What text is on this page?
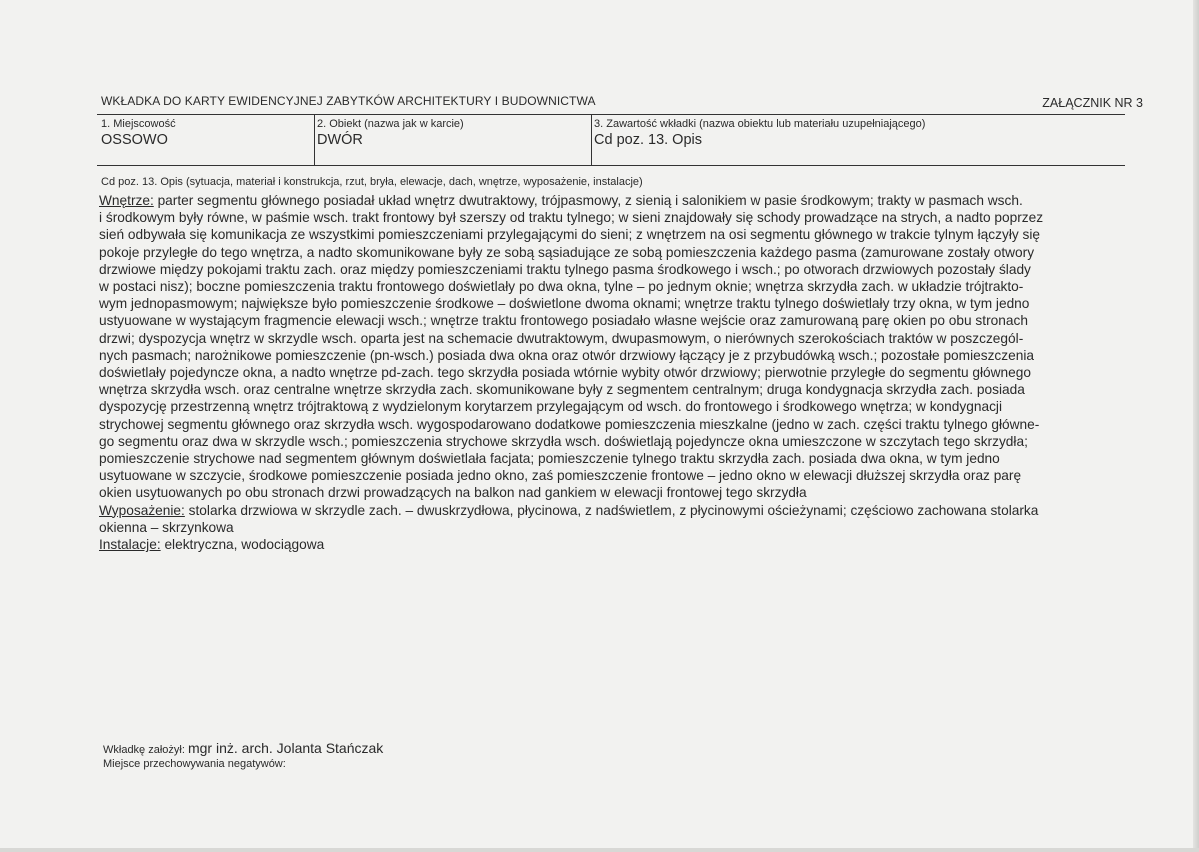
WKŁADKA DO KARTY EWIDENCYJNEJ ZABYTKÓW ARCHITEKTURY I BUDOWNICTWA	ZAŁĄCZNIK NR 3
1. Miejscowość
OSSOWO
2. Obiekt (nazwa jak w karcie)
DWÓR
3. Zawartość wkładki (nazwa obiektu lub materiału uzupełniającego)
Cd poz. 13. Opis
Cd poz. 13. Opis (sytuacja, materiał i konstrukcja, rzut, bryła, elewacje, dach, wnętrze, wyposażenie, instalacje)
Wnętrze: parter segmentu głównego posiadał układ wnętrz dwutraktowy, trójpasmowy, z sienią i salonikiem w pasie środkowym; trakty w pasmach wsch.
i środkowym były równe, w paśmie wsch. trakt frontowy był szerszy od traktu tylnego; w sieni znajdowały się schody prowadzące na strych, a nadto poprzez
sień odbywała się komunikacja ze wszystkimi pomieszczeniami przylegającymi do sieni; z wnętrzem na osi segmentu głównego w trakcie tylnym łączyły się
pokoje przyległe do tego wnętrza, a nadto skomunikowane były ze sobą sąsiadujące ze sobą pomieszczenia każdego pasma (zamurowane zostały otwory
drzwiowe między pokojami traktu zach. oraz między pomieszczeniami traktu tylnego pasma środkowego i wsch.; po otworach drzwiowych pozostały ślady
w postaci nisz); boczne pomieszczenia traktu frontowego doświetlały po dwa okna, tylne – po jednym oknie; wnętrza skrzydła zach. w układzie trójtrakto-
wym jednopasmowym; największe było pomieszczenie środkowe – doświetlone dwoma oknami; wnętrze traktu tylnego doświetlały trzy okna, w tym jedno
ustyuowane w wystającym fragmencie elewacji wsch.; wnętrze traktu frontowego posiadało własne wejście oraz zamurowaną parę okien po obu stronach
drzwi; dyspozycja wnętrz w skrzydle wsch. oparta jest na schemacie dwutraktowym, dwupasmowym, o nierównych szerokościach traktów w poszczegól-
nych pasmach; narożnikowe pomieszczenie (pn-wsch.) posiada dwa okna oraz otwór drzwiowy łączący je z przybudówką wsch.; pozostałe pomieszczenia
doświetlały pojedyncze okna, a nadto wnętrze pd-zach. tego skrzydła posiada wtórnie wybity otwór drzwiowy; pierwotnie przyległe do segmentu głównego
wnętrza skrzydła wsch. oraz centralne wnętrze skrzydła zach. skomunikowane były z segmentem centralnym; druga kondygnacja skrzydła zach. posiada
dyspozycję przestrzenną wnętrz trójtraktową z wydzielonym korytarzem przylegającym od wsch. do frontowego i środkowego wnętrza; w kondygnacji
strychowej segmentu głównego oraz skrzydła wsch. wygospodarowano dodatkowe pomieszczenia mieszkalne (jedno w zach. części traktu tylnego główne-
go segmentu oraz dwa w skrzydle wsch.; pomieszczenia strychowe skrzydła wsch. doświetlają pojedyncze okna umieszczone w szczytach tego skrzydła;
pomieszczenie strychowe nad segmentem głównym doświetlała facjata; pomieszczenie tylnego traktu skrzydła zach. posiada dwa okna, w tym jedno
usytuowane w szczycie, środkowe pomieszczenie posiada jedno okno, zaś pomieszczenie frontowe – jedno okno w elewacji dłuższej skrzydła oraz parę
okien usytuowanych po obu stronach drzwi prowadzących na balkon nad gankiem w elewacji frontowej tego skrzydła
Wyposażenie: stolarka drzwiowa w skrzydle zach. – dwuskrzydłowa, płycinowa, z nadświetlem, z płycinowymi ościeżynami; częściowo zachowana stolarka
okienna – skrzynkowa
Instalacje: elektryczna, wodociągowa
Wkładkę założył: mgr inż. arch. Jolanta Stańczak
Miejsce przechowywania negatywów:
